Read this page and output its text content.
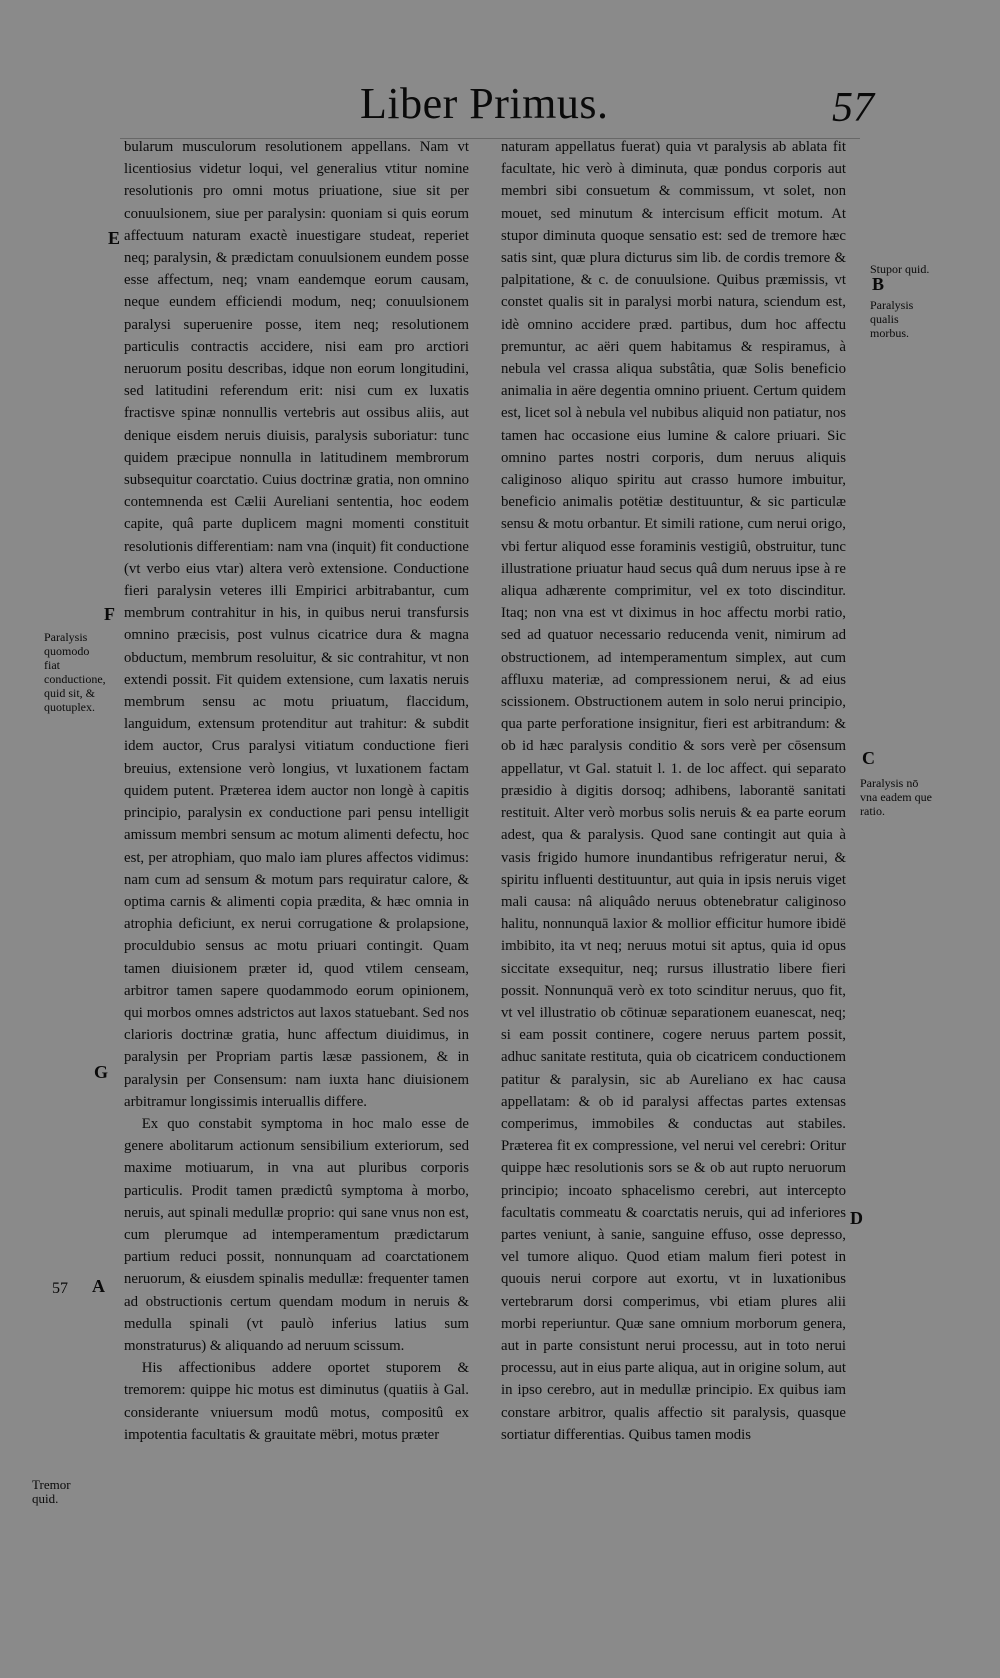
Liber Primus.	57

bularum musculorum resolutionem appellans. Nam vt licentiosius videtur loqui, vel generalius vtitur nomine resolutionis pro omni motus priuatione, siue sit per conuulsionem, siue per paralysin: quoniam si quis eorum affectuum naturam exactè inuestigare studeat, reperiet neq; paralysin, & prædictam conuulsionem eundem posse esse affectum, neq; vnam eandemque eorum causam, neque eundem efficiendi modum, neq; conuulsionem paralysi superuenire posse, item neq; resolutionem particulis contractis accidere, nisi eam pro arctiori neruorum positu describas, idque non eorum longitudini, sed latitudini referendum erit: nisi cum ex luxatis fractisve spinæ nonnullis vertebris aut ossibus aliis, aut denique eisdem neruis diuisis, paralysis suboriatur: tunc quidem præcipue nonnulla in latitudinem membrorum subsequitur coarctatio. Cuius doctrinæ gratia, non omnino contemnenda est Cælii Aureliani sententia, hoc eodem capite, quâ parte duplicem magni momenti constituit resolutionis differentiam: nam vna (inquit) fit conductione (vt verbo eius vtar) altera verò extensione. Conductione fieri paralysin veteres illi Empirici arbitrabantur, cum membrum contrahitur in his, in quibus nerui transfursis omnino præcisis, post vulnus cicatrice dura & magna obductum, membrum resoluitur, & sic contrahitur, vt non extendi possit. Fit quidem extensione, cum laxatis neruis membrum sensu ac motu priuatum, flaccidum, languidum, extensum protenditur aut trahitur: & subdit idem auctor, Crus paralysi vitiatum conductione fieri breuius, extensione verò longius, vt luxationem factam quidem putent. Præterea idem auctor non longè à capitis principio, paralysin ex conductione pari pensu intelligit amissum membri sensum ac motum alimenti defectu, hoc est, per atrophiam, quo malo iam plures affectos vidimus: nam cum ad sensum & motum pars requiratur calore, & optima carnis & alimenti copia prædita, & hæc omnia in atrophia deficiunt, ex nerui corrugatione & prolapsione, proculdubio sensus ac motu priuari contingit. Quam tamen diuisionem præter id, quod vtilem censeam, arbitror tamen sapere quodammodo eorum opinionem, qui morbos omnes adstrictos aut laxos statuebant. Sed nos clarioris doctrinæ gratia, hunc affectum diuidimus, in paralysin per Propriam partis læsæ passionem, & in paralysin per Consensum: nam iuxta hanc diuisionem arbitramur longissimis interuallis differe.

Ex quo constabit symptoma in hoc malo esse de genere abolitarum actionum sensibilium exteriorum, sed maxime motiuarum, in vna aut pluribus corporis particulis. Prodit tamen prædictû symptoma à morbo, neruis, aut spinali medullæ proprio: qui sane vnus non est, cum plerumque ad intemperamentum prædictarum partium reduci possit, nonnunquam ad coarctationem neruorum, & eiusdem spinalis medullæ: frequenter tamen ad obstructionis certum quendam modum in neruis & medulla spinali (vt paulò inferius latius sum monstraturus) & aliquando ad neruum scissum.

His affectionibus addere oportet stuporem & tremorem: quippe hic motus est diminutus (quatiis à Gal. considerante vniuersum modû motus, compositû ex impotentia facultatis & grauitate mëbri, motus præter

naturam appellatus fuerat) quia vt paralysis ab ablata fit facultate, hic verò à diminuta, quæ pondus corporis aut membri sibi consuetum & commissum, vt solet, non mouet, sed minutum & intercisum efficit motum. At stupor diminuta quoque sensatio est: sed de tremore hæc satis sint, quæ plura dicturus sim lib. de cordis tremore & palpitatione, & c. de conuulsione. Quibus præmissis, vt constet qualis sit in paralysi morbi natura, sciendum est, idè omnino accidere præd. partibus, dum hoc affectu premuntur, ac aëri quem habitamus & respiramus, à nebula vel crassa aliqua substâtia, quæ Solis beneficio animalia in aëre degentia omnino priuent. Certum quidem est, licet sol à nebula vel nubibus aliquid non patiatur, nos tamen hac occasione eius lumine & calore priuari. Sic omnino partes nostri corporis, dum neruus aliquis caliginoso aliquo spiritu aut crasso humore imbuitur, beneficio animalis potëtiæ destituuntur, & sic particulæ sensu & motu orbantur. Et simili ratione, cum nerui origo, vbi fertur aliquod esse foraminis vestigiû, obstruitur, tunc illustratione priuatur haud secus quâ dum neruus ipse à re aliqua adhærente comprimitur, vel ex toto discinditur. Itaq; non vna est vt diximus in hoc affectu morbi ratio, sed ad quatuor necessario reducenda venit, nimirum ad obstructionem, ad intemperamentum simplex, aut cum affluxu materiæ, ad compressionem nerui, & ad eius scissionem. Obstructionem autem in solo nerui principio, qua parte perforatione insignitur, fieri est arbitrandum: & ob id hæc paralysis conditio & sors verè per cōsensum appellatur, vt Gal. statuit l. 1. de loc affect. qui separato præsidio à digitis dorsoq; adhibens, laborantë sanitati restituit. Alter verò morbus solis neruis & ea parte eorum adest, qua & paralysis. Quod sane contingit aut quia à vasis frigido humore inundantibus refrigeratur nerui, & spiritu influenti destituuntur, aut quia in ipsis neruis viget mali causa: nâ aliquâdo neruus obtenebratur caliginoso halitu, nonnunquā laxior & mollior efficitur humore ibidë imbibito, ita vt neq; neruus motui sit aptus, quia id opus siccitate exsequitur, neq; rursus illustratio libere fieri possit. Nonnunquā verò ex toto scinditur neruus, quo fit, vt vel illustratio ob cōtinuæ separationem euanescat, neq; si eam possit continere, cogere neruus partem possit, adhuc sanitate restituta, quia ob cicatricem conductionem patitur & paralysin, sic ab Aureliano ex hac causa appellatam: & ob id paralysi affectas partes extensas comperimus, immobiles & conductas aut stabiles. Præterea fit ex compressione, vel nerui vel cerebri: Oritur quippe hæc resolutionis sors se & ob aut rupto neruorum principio; incoato sphacelismo cerebri, aut intercepto facultatis commeatu & coarctatis neruis, qui ad inferiores partes veniunt, à sanie, sanguine effuso, osse depresso, vel tumore aliquo. Quod etiam malum fieri potest in quouis nerui corpore aut exortu, vt in luxationibus vertebrarum dorsi comperimus, vbi etiam plures alii morbi reperiuntur. Quæ sane omnium morborum genera, aut in parte consistunt nerui processu, aut in toto nerui processu, aut in eius parte aliqua, aut in origine solum, aut in ipso cerebro, aut in medullæ principio. Ex quibus iam constare arbitror, qualis affectio sit paralysis, quasque sortiatur differentias. Quibus tamen modis

E
F
Paralysis quomodo fiat conductione, quid sit, & quotuplex.
G
57 A
Tremor quid.
Stupor quid.
B
Paralysis qualis morbus.
C
Paralysis nō vna eadem que ratio.
D
